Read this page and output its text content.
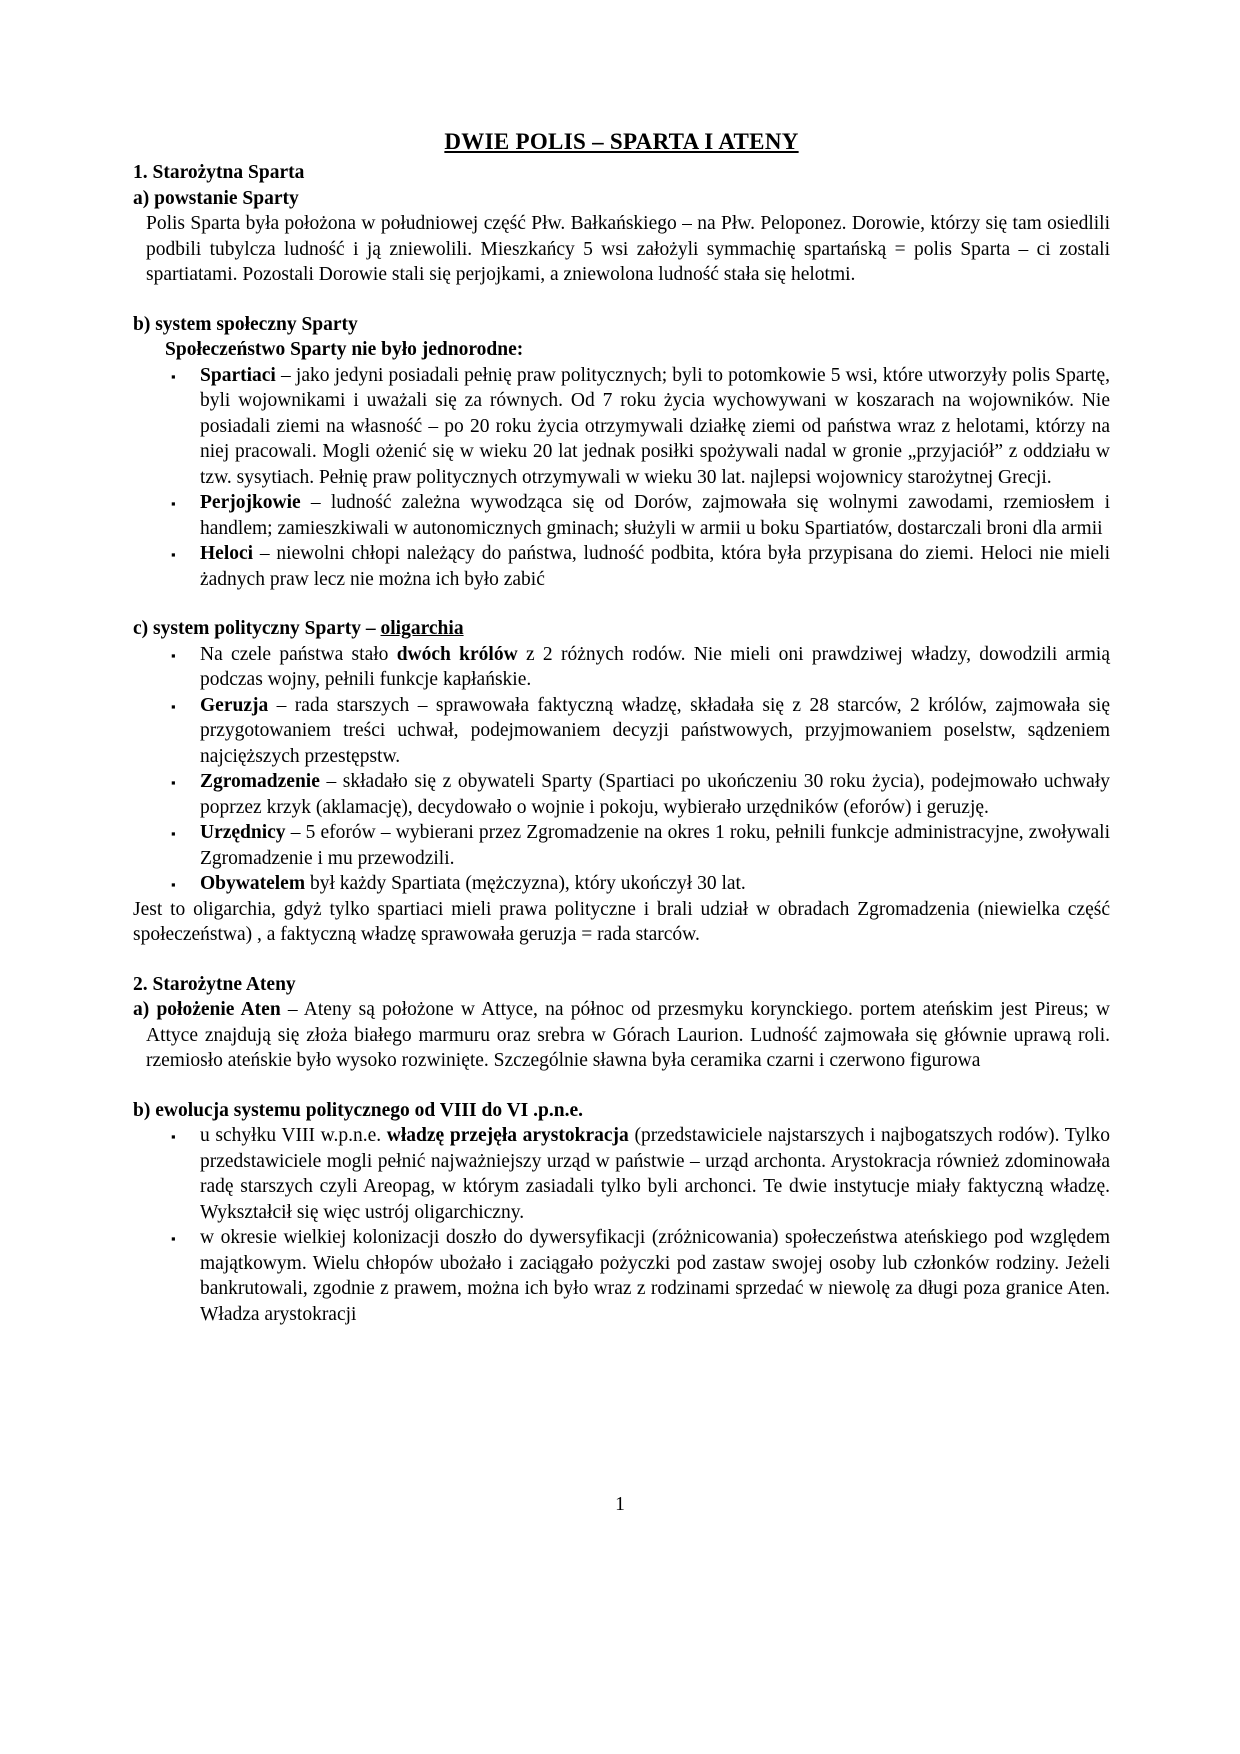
DWIE POLIS – SPARTA I ATENY
1. Starożytna Sparta
a) powstanie Sparty
Polis Sparta była położona w południowej część Płw. Bałkańskiego – na Płw. Peloponez. Dorowie, którzy się tam osiedlili podbili tubylcza ludność i ją zniewolili. Mieszkańcy 5 wsi założyli symmachię spartańską = polis Sparta – ci zostali spartiatami. Pozostali Dorowie stali się perjojkami, a zniewolona ludność stała się helotmi.
b) system społeczny Sparty
Społeczeństwo Sparty nie było jednorodne:
▪ Spartiaci – jako jedyni posiadali pełnię praw politycznych; byli to potomkowie 5 wsi, które utworzyły polis Spartę, byli wojownikami i uważali się za równych. Od 7 roku życia wychowywani w koszarach na wojowników. Nie posiadali ziemi na własność – po 20 roku życia otrzymywali działkę ziemi od państwa wraz z helotami, którzy na niej pracowali. Mogli ożenić się w wieku 20 lat jednak posiłki spożywali nadal w gronie „przyjaciół” z oddziału w tzw. sysytiach. Pełnię praw politycznych otrzymywali w wieku 30 lat. najlepsi wojownicy starożytnej Grecji.
▪ Perjojkowie – ludność zależna wywodząca się od Dorów, zajmowała się wolnymi zawodami, rzemiosłem i handlem; zamieszkiwali w autonomicznych gminach; służyli w armii u boku Spartiatów, dostarczali broni dla armii
▪ Heloci – niewolni chłopi należący do państwa, ludność podbita, która była przypisana do ziemi. Heloci nie mieli żadnych praw lecz nie można ich było zabić
c) system polityczny Sparty – oligarchia
▪ Na czele państwa stało dwóch królów z 2 różnych rodów. Nie mieli oni prawdziwej władzy, dowodzili armią podczas wojny, pełnili funkcje kapłańskie.
▪ Geruzja – rada starszych – sprawowała faktyczną władzę, składała się z 28 starców, 2 królów, zajmowała się przygotowaniem treści uchwał, podejmowaniem decyzji państwowych, przyjmowaniem poselstw, sądzeniem najcięższych przestępstw.
▪ Zgromadzenie – składało się z obywateli Sparty (Spartiaci po ukończeniu 30 roku życia), podejmowało uchwały poprzez krzyk (aklamację), decydowało o wojnie i pokoju, wybierało urzędników (eforów) i geruzję.
▪ Urzędnicy – 5 eforów – wybierani przez Zgromadzenie na okres 1 roku, pełnili funkcje administracyjne, zwoływali Zgromadzenie i mu przewodzili.
▪ Obywatelem był każdy Spartiata (mężczyzna), który ukończył 30 lat.
Jest to oligarchia, gdyż tylko spartiaci mieli prawa polityczne i brali udział w obradach Zgromadzenia (niewielka część społeczeństwa) , a faktyczną władzę sprawowała geruzja = rada starców.
2. Starożytne Ateny
a) położenie Aten – Ateny są położone w Attyce, na północ od przesmyku korynckiego. portem ateńskim jest Pireus; w Attyce znajdują się złoża białego marmuru oraz srebra w Górach Laurion. Ludność zajmowała się głównie uprawą roli. rzemiosło ateńskie było wysoko rozwinięte. Szczególnie sławna była ceramika czarni i czerwono figurowa
b) ewolucja systemu politycznego od VIII do VI .p.n.e.
▪ u schyłku VIII w.p.n.e. władzę przejęła arystokracja (przedstawiciele najstarszych i najbogatszych rodów). Tylko przedstawiciele mogli pełnić najważniejszy urząd w państwie – urząd archonta. Arystokracja również zdominowała radę starszych czyli Areopag, w którym zasiadali tylko byli archonci. Te dwie instytucje miały faktyczną władzę. Wykształcił się więc ustrój oligarchiczny.
▪ w okresie wielkiej kolonizacji doszło do dywersyfikacji (zróżnicowania) społeczeństwa ateńskiego pod względem majątkowym. Wielu chłopów ubożało i zaciągało pożyczki pod zastaw swojej osoby lub członków rodziny. Jeżeli bankrutowali, zgodnie z prawem, można ich było wraz z rodzinami sprzedać w niewolę za długi poza granice Aten. Władza arystokracji
1
